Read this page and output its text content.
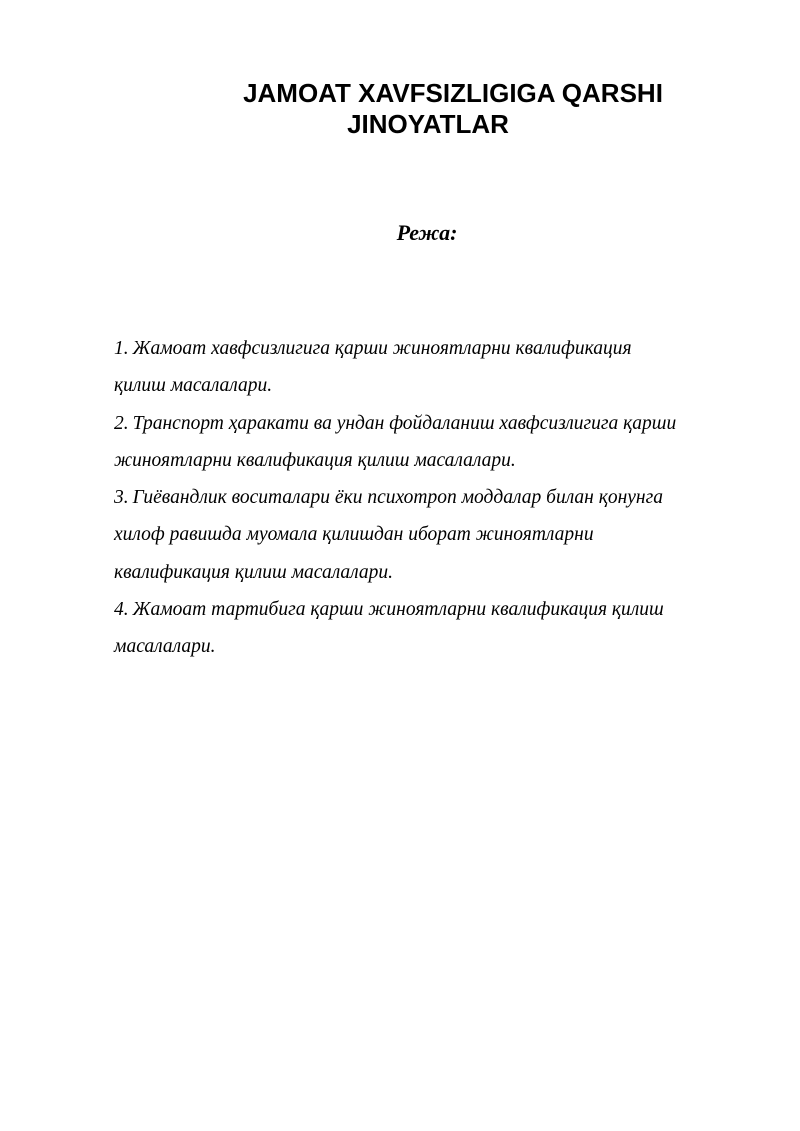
JAMOAT XAVFSIZLIGIGA QARSHI
JINOYATLAR
Режа:
1. Жамоат хавфсизлигига қарши жиноятларни квалификация
қилиш масалалари.
2. Транспорт ҳаракати ва ундан фойдаланиш хавфсизлигига қарши
жиноятларни квалификация қилиш масалалари.
3. Гиёвандлик воситалари ёки психотроп моддалар билан қонунга
хилоф равишда муомала қилишдан иборат жиноятларни
квалификация қилиш масалалари.
4. Жамоат тартибига қарши жиноятларни квалификация қилиш
масалалари.
